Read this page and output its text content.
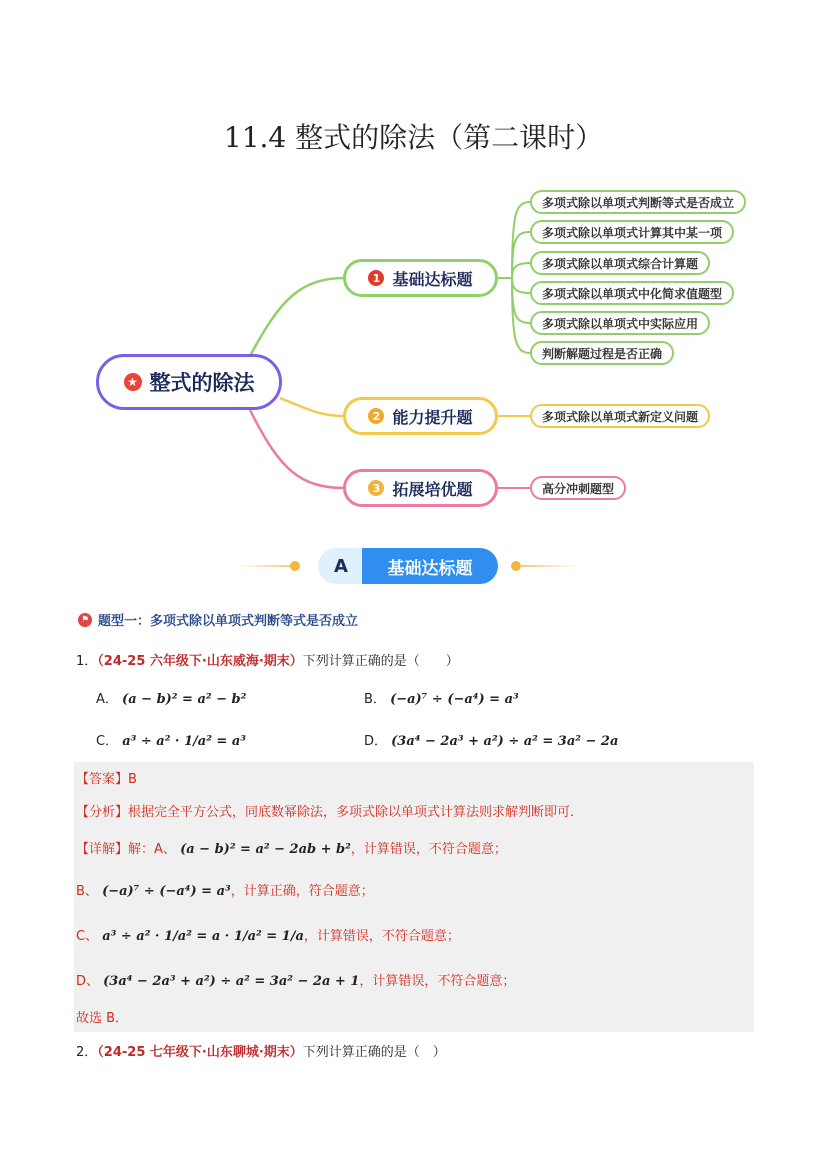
11.4 整式的除法（第二课时）
★ 整式的除法
1 基础达标题
2 能力提升题
3 拓展培优题
多项式除以单项式判断等式是否成立
多项式除以单项式计算其中某一项
多项式除以单项式综合计算题
多项式除以单项式中化简求值题型
多项式除以单项式中实际应用
判断解题过程是否正确
多项式除以单项式新定义问题
高分冲刺题型
A	基础达标题
⚑ 题型一：多项式除以单项式判断等式是否成立
1．（24-25 六年级下·山东威海·期末）下列计算正确的是（　　）
A． (a − b)² = a² − b²	B． (−a)⁷ ÷ (−a⁴) = a³
C． a³ ÷ a² · 1/a² = a³	D． (3a⁴ − 2a³ + a²) ÷ a² = 3a² − 2a
【答案】B
【分析】根据完全平方公式，同底数幂除法，多项式除以单项式计算法则求解判断即可．
【详解】解：A、 (a − b)² = a² − 2ab + b²，计算错误，不符合题意；
B、 (−a)⁷ ÷ (−a⁴) = a³，计算正确，符合题意；
C、 a³ ÷ a² · 1/a² = a · 1/a² = 1/a，计算错误，不符合题意；
D、 (3a⁴ − 2a³ + a²) ÷ a² = 3a² − 2a + 1，计算错误，不符合题意；
故选 B．
2．（24-25 七年级下·山东聊城·期末）下列计算正确的是（　）
